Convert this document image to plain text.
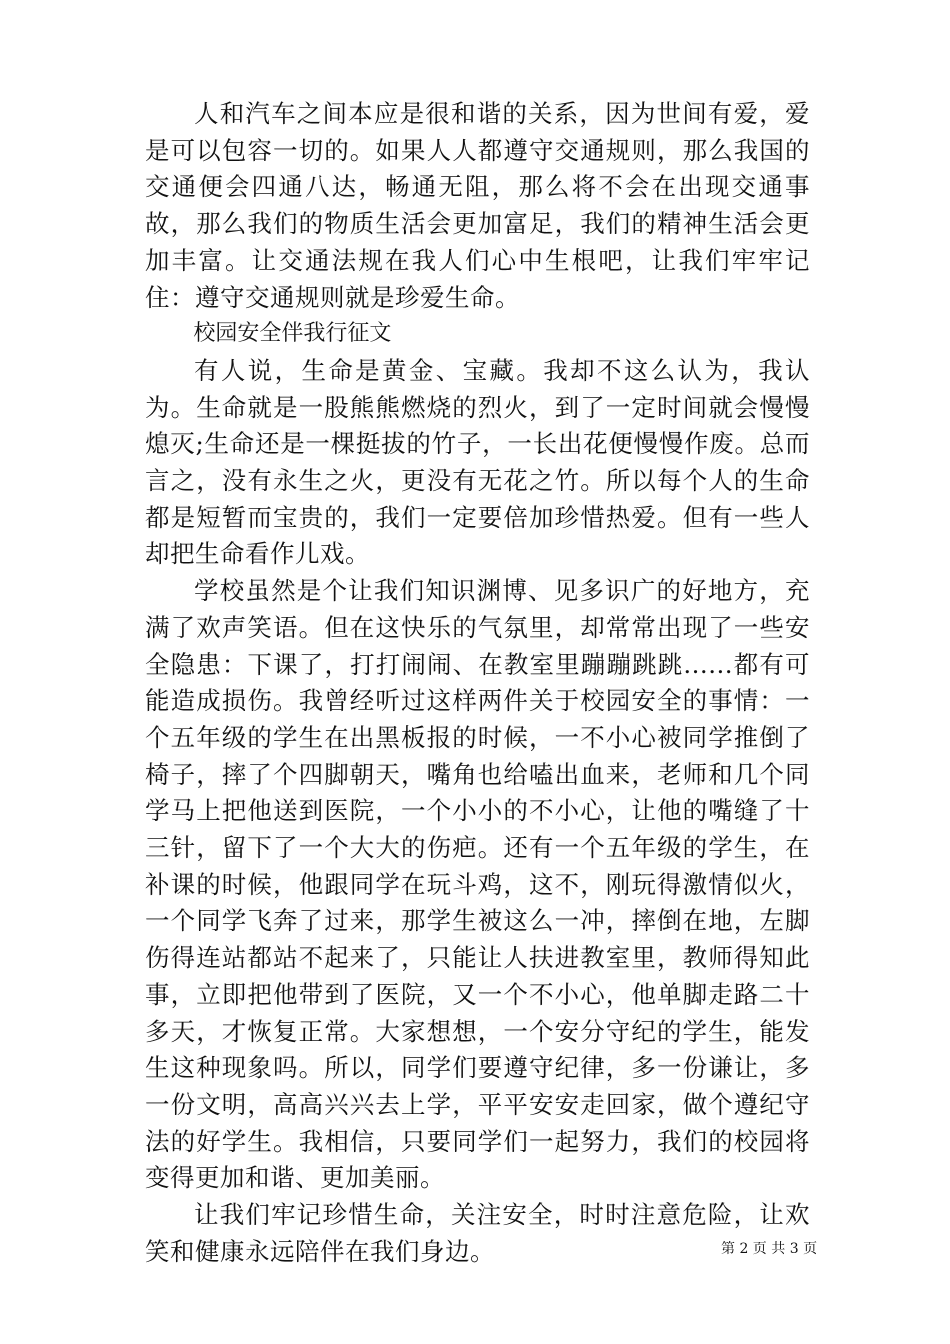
人和汽车之间本应是很和谐的关系，因为世间有爱，爱是可以包容一切的。如果人人都遵守交通规则，那么我国的交通便会四通八达，畅通无阻，那么将不会在出现交通事故，那么我们的物质生活会更加富足，我们的精神生活会更加丰富。让交通法规在我人们心中生根吧，让我们牢牢记住：遵守交通规则就是珍爱生命。

校园安全伴我行征文

有人说，生命是黄金、宝藏。我却不这么认为，我认为。生命就是一股熊熊燃烧的烈火，到了一定时间就会慢慢熄灭;生命还是一棵挺拔的竹子，一长出花便慢慢作废。总而言之，没有永生之火，更没有无花之竹。所以每个人的生命都是短暂而宝贵的，我们一定要倍加珍惜热爱。但有一些人却把生命看作儿戏。

学校虽然是个让我们知识渊博、见多识广的好地方，充满了欢声笑语。但在这快乐的气氛里，却常常出现了一些安全隐患：下课了，打打闹闹、在教室里蹦蹦跳跳......都有可能造成损伤。我曾经听过这样两件关于校园安全的事情：一个五年级的学生在出黑板报的时候，一不小心被同学推倒了椅子，摔了个四脚朝天，嘴角也给嗑出血来，老师和几个同学马上把他送到医院，一个小小的不小心，让他的嘴缝了十三针，留下了一个大大的伤疤。还有一个五年级的学生，在补课的时候，他跟同学在玩斗鸡，这不，刚玩得激情似火，一个同学飞奔了过来，那学生被这么一冲，摔倒在地，左脚伤得连站都站不起来了，只能让人扶进教室里，教师得知此事，立即把他带到了医院，又一个不小心，他单脚走路二十多天，才恢复正常。大家想想，一个安分守纪的学生，能发生这种现象吗。所以，同学们要遵守纪律，多一份谦让，多一份文明，高高兴兴去上学，平平安安走回家，做个遵纪守法的好学生。我相信，只要同学们一起努力，我们的校园将变得更加和谐、更加美丽。

让我们牢记珍惜生命，关注安全，时时注意危险，让欢笑和健康永远陪伴在我们身边。	第 2 页 共 3 页
